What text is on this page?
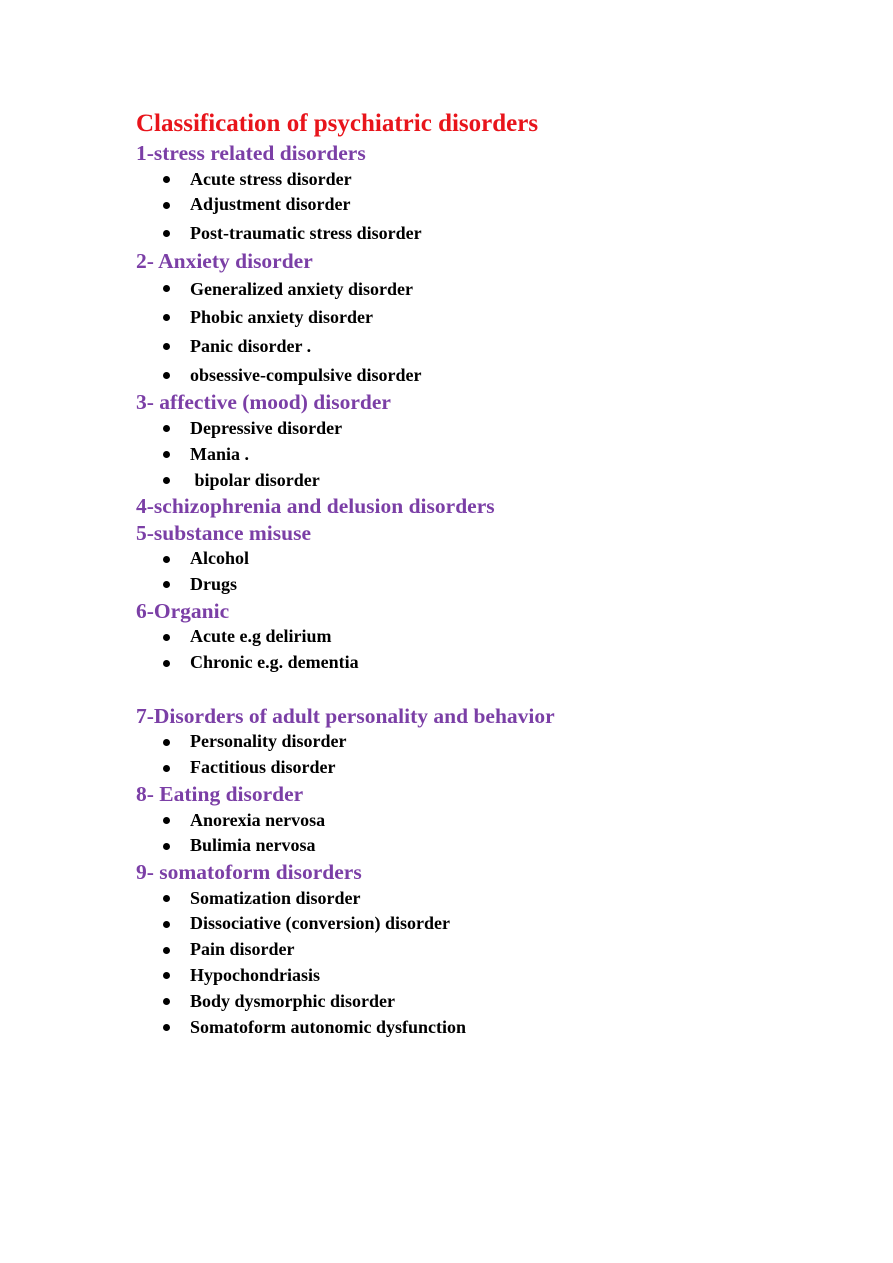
Classification of psychiatric disorders
1-stress related disorders
Acute stress disorder
Adjustment disorder
Post-traumatic stress disorder
2- Anxiety disorder
Generalized anxiety disorder
Phobic anxiety disorder
Panic disorder .
obsessive-compulsive disorder
3- affective (mood) disorder
Depressive disorder
Mania .
bipolar disorder
4-schizophrenia and delusion disorders
5-substance misuse
Alcohol
Drugs
6-Organic
Acute e.g delirium
Chronic e.g. dementia
7-Disorders of adult personality and behavior
Personality disorder
Factitious disorder
8- Eating disorder
Anorexia nervosa
Bulimia nervosa
9- somatoform disorders
Somatization disorder
Dissociative (conversion) disorder
Pain disorder
Hypochondriasis
Body dysmorphic disorder
Somatoform autonomic dysfunction
